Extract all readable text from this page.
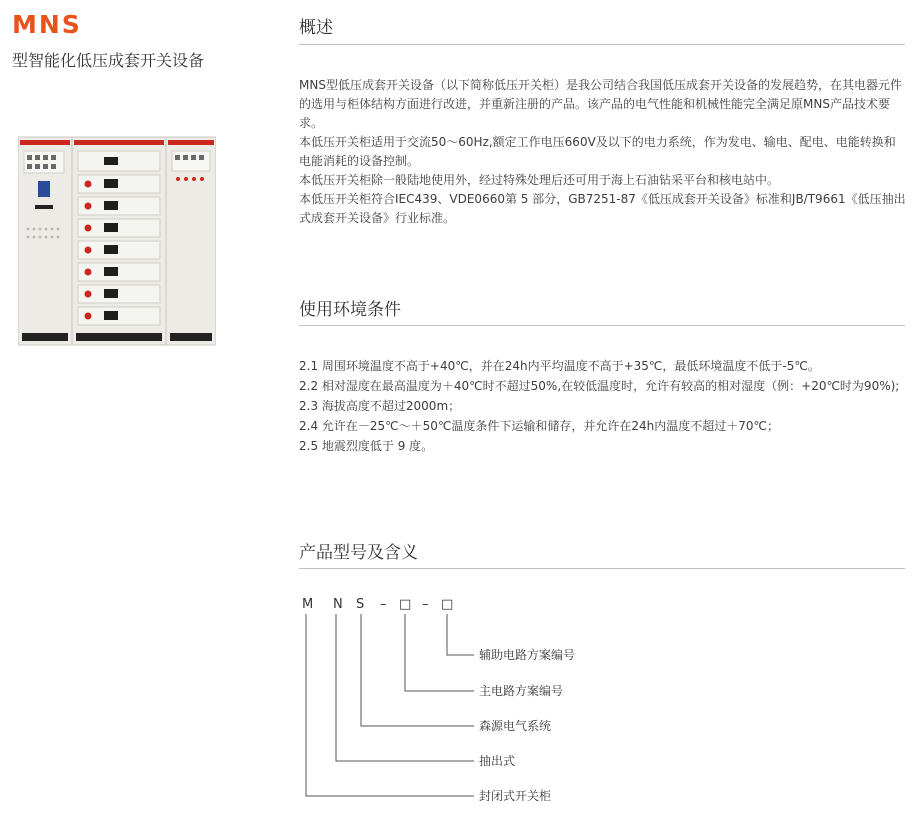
MNS
型智能化低压成套开关设备
概述

MNS型低压成套开关设备（以下简称低压开关柜）是我公司结合我国低压成套开关设备的发展趋势，在其电器元件的选用与柜体结构方面进行改进，并重新注册的产品。该产品的电气性能和机械性能完全满足原MNS产品技术要求。

本低压开关柜适用于交流50～60Hz,额定工作电压660V及以下的电力系统，作为发电、输电、配电、电能转换和电能消耗的设备控制。

本低压开关柜除一般陆地使用外，经过特殊处理后还可用于海上石油钻采平台和核电站中。

本低压开关柜符合IEC439、VDE0660第 5 部分，GB7251-87《低压成套开关设备》标准和JB/T9661《低压抽出式成套开关设备》行业标准。

使用环境条件

2.1 周围环境温度不高于+40℃，并在24h内平均温度不高于+35℃，最低环境温度不低于-5℃。

2.2 相对湿度在最高温度为＋40℃时不超过50%,在较低温度时，允许有较高的相对湿度（例：+20℃时为90%);

2.3 海拔高度不超过2000m；

2.4 允许在－25℃～＋50℃温度条件下运输和储存，并允许在24h内温度不超过＋70℃；

2.5 地震烈度低于 9 度。

产品型号及含义
M N S – □ – □
辅助电路方案编号
主电路方案编号
森源电气系统
抽出式
封闭式开关柜
